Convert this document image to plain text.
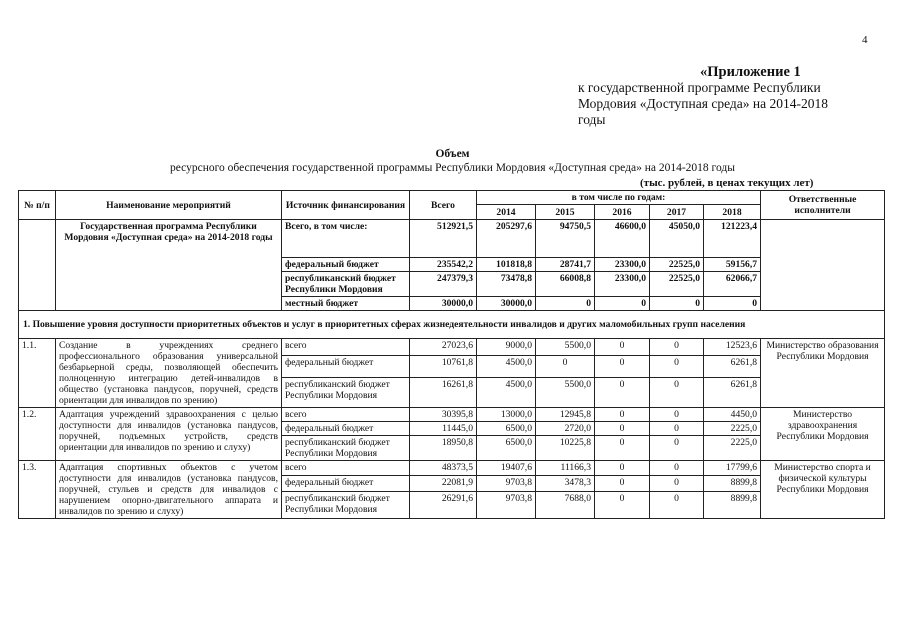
4
«Приложение 1
к государственной программе Республики
Мордовия «Доступная среда» на 2014-2018
годы
Объем
ресурсного обеспечения государственной программы Республики Мордовия «Доступная среда» на 2014-2018 годы
(тыс. рублей, в ценах текущих лет)
№ п/п	Наименование мероприятий	Источник финансирования	Всего	в том числе по годам:					Ответственные исполнители
				2014	2015	2016	2017	2018	
	Государственная программа Республики Мордовия «Доступная среда» на 2014-2018 годы	Всего, в том числе:	512921,5	205297,6	94750,5	46600,0	45050,0	121223,4	
		федеральный бюджет	235542,2	101818,8	28741,7	23300,0	22525,0	59156,7	
		республиканский бюджет Республики Мордовия	247379,3	73478,8	66008,8	23300,0	22525,0	62066,7	
		местный бюджет	30000,0	30000,0	0	0	0	0	
1. Повышение уровня доступности приоритетных объектов и услуг в приоритетных сферах жизнедеятельности инвалидов и других маломобильных групп населения									
1.1.	Создание в учреждениях среднего профессионального образования универсальной безбарьерной среды, позволяющей обеспечить полноценную интеграцию детей-инвалидов в общество (установка пандусов, поручней, средств ориентации для инвалидов по зрению)	всего	27023,6	9000,0	5500,0	0	0	12523,6	Министерство образования Республики Мордовия
		федеральный бюджет	10761,8	4500,0	0	0	0	6261,8	
		республиканский бюджет Республики Мордовия	16261,8	4500,0	5500,0	0	0	6261,8	
1.2.	Адаптация учреждений здравоохранения с целью доступности для инвалидов (установка пандусов, поручней, подъемных устройств, средств ориентации для инвалидов по зрению и слуху)	всего	30395,8	13000,0	12945,8	0	0	4450,0	Министерство здравоохранения Республики Мордовия
		федеральный бюджет	11445,0	6500,0	2720,0	0	0	2225,0	
		республиканский бюджет Республики Мордовия	18950,8	6500,0	10225,8	0	0	2225,0	
1.3.	Адаптация спортивных объектов с учетом доступности для инвалидов (установка пандусов, поручней, стульев и средств для инвалидов с нарушением опорно-двигательного аппарата и инвалидов по зрению и слуху)	всего	48373,5	19407,6	11166,3	0	0	17799,6	Министерство спорта и физической культуры Республики Мордовия
		федеральный бюджет	22081,9	9703,8	3478,3	0	0	8899,8	
		республиканский бюджет Республики Мордовия	26291,6	9703,8	7688,0	0	0	8899,8	
